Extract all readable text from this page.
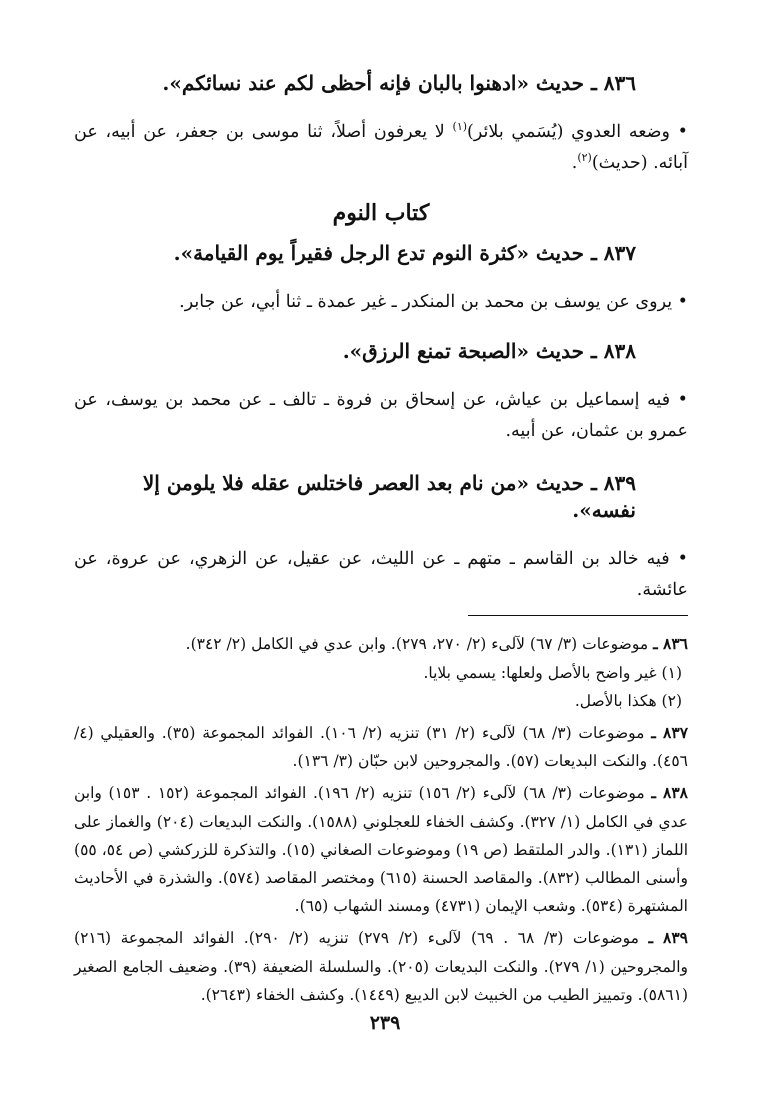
٨٣٦ ـ حديث «ادهنوا بالبان فإنه أحظى لكم عند نسائكم».
• وضعه العدوي (يُسَمي بلائر)$^{(١)}$ لا يعرفون أصلاً، ثنا موسى بن جعفر، عن أبيه، عن آبائه. (حديث)$^{(٢)}$.
كتاب النوم
٨٣٧ ـ حديث «كثرة النوم تدع الرجل فقيراً يوم القيامة».
• يروى عن يوسف بن محمد بن المنكدر ـ غير عمدة ـ ثنا أبي، عن جابر.
٨٣٨ ـ حديث «الصبحة تمنع الرزق».
• فيه إسماعيل بن عياش، عن إسحاق بن فروة ـ تالف ـ عن محمد بن يوسف، عن عمرو بن عثمان، عن أبيه.
٨٣٩ ـ حديث «من نام بعد العصر فاختلس عقله فلا يلومن إلا نفسه».
• فيه خالد بن القاسم ـ متهم ـ عن الليث، عن عقيل، عن الزهري، عن عروة، عن عائشة.
٨٣٦ ـ موضوعات (٣/ ٦٧) لآلىء (٢/ ٢٧٠، ٢٧٩). وابن عدي في الكامل (٢/ ٣٤٢).
(١) غير واضح بالأصل ولعلها: يسمي بلايا.
(٢) هكذا بالأصل.
٨٣٧ ـ موضوعات (٣/ ٦٨) لآلىء (٢/ ٣١) تنزيه (٢/ ١٠٦). الفوائد المجموعة (٣٥). والعقيلي (٤/ ٤٥٦). والنكت البديعات (٥٧). والمجروحين لابن حبّان (٣/ ١٣٦).
٨٣٨ ـ موضوعات (٣/ ٦٨) لآلىء (٢/ ١٥٦) تنزيه (٢/ ١٩٦). الفوائد المجموعة (١٥٢ . ١٥٣) وابن عدي في الكامل (١/ ٣٢٧). وكشف الخفاء للعجلوني (١٥٨٨). والنكت البديعات (٢٠٤) والغماز على اللماز (١٣١). والدر الملتقط (ص ١٩) وموضوعات الصغاني (١٥). والتذكرة للزركشي (ص ٥٤، ٥٥) وأسنى المطالب (٨٣٢). والمقاصد الحسنة (٦١٥) ومختصر المقاصد (٥٧٤). والشذرة في الأحاديث المشتهرة (٥٣٤). وشعب الإيمان (٤٧٣١) ومسند الشهاب (٦٥).
٨٣٩ ـ موضوعات (٣/ ٦٨ . ٦٩) لآلىء (٢/ ٢٧٩) تنزيه (٢/ ٢٩٠). الفوائد المجموعة (٢١٦) والمجروحين (١/ ٢٧٩). والنكت البديعات (٢٠٥). والسلسلة الضعيفة (٣٩). وضعيف الجامع الصغير (٥٨٦١). وتمييز الطيب من الخبيث لابن الديبع (١٤٤٩). وكشف الخفاء (٢٦٤٣).
٢٣٩
